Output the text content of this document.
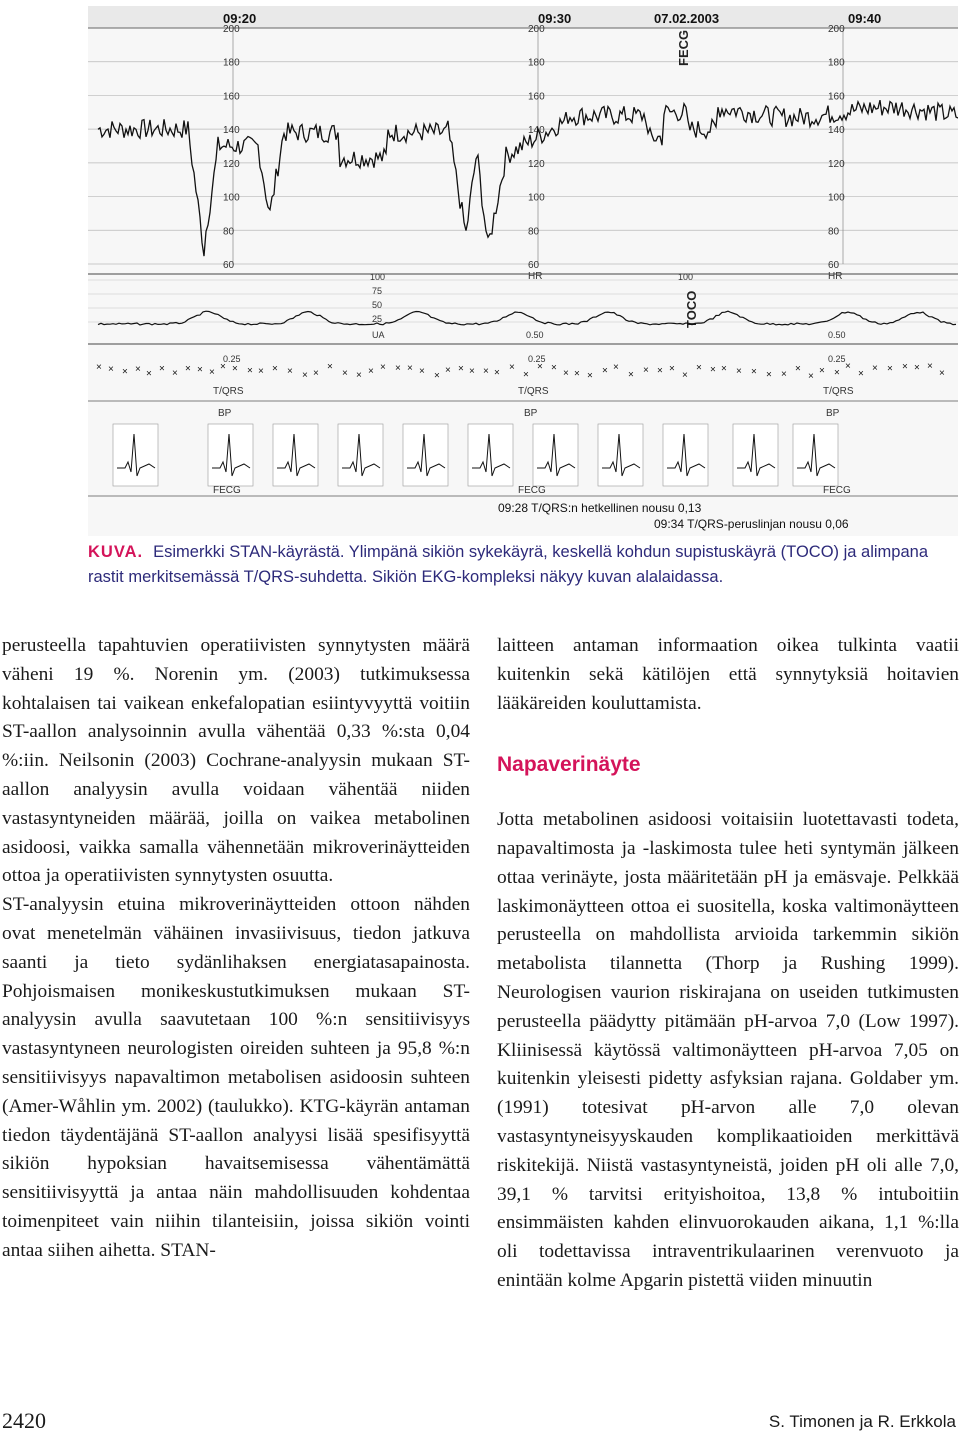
09:20	09:30	07.02.2003	09:40
200	200	200
180	180	180
160	160	160
140	140	140
120	120	120
100	100	100
80	80	80
60	60	60
FECG
HR	HR
100
75
50
25
UA
100
TOCO
0.50	0.50
0.25	0.25	0.25
× × × × × × × × × ×
× × × × × × × ×
×
× × × × × × × × × × × × × ×
×
× × × × × × ×
× × × ×
×
× × × × × × ×
×
× × ×
×
×
× × × × ×
×
T/QRS	T/QRS	T/QRS
BP	BP	BP
FECG	FECG	FECG
09:28 T/QRS:n hetkellinen nousu 0,13
09:34 T/QRS-peruslinjan nousu 0,06
KUVA. Esimerkki STAN-käyrästä. Ylimpänä sikiön sykekäyrä, keskellä kohdun supistuskäyrä (TOCO) ja alimpana rastit merkitsemässä T/QRS-suhdetta. Sikiön EKG-kompleksi näkyy kuvan alalaidassa.

perusteella tapahtuvien operatiivisten synnytysten määrä väheni 19 %. Norenin ym. (2003) tutkimuksessa kohtalaisen tai vaikean enkefalopatian esiintyvyyttä voitiin ST-aallon analysoinnin avulla vähentää 0,33 %:sta 0,04 %:iin. Neilsonin (2003) Cochrane-analyysin mukaan ST-aallon analyysin avulla voidaan vähentää niiden vastasyntyneiden määrää, joilla on vaikea metabolinen asidoosi, vaikka samalla vähennetään mikroverinäytteiden ottoa ja operatiivisten synnytysten osuutta.

ST-analyysin etuina mikroverinäytteiden ottoon nähden ovat menetelmän vähäinen invasiivisuus, tiedon jatkuva saanti ja tieto sydänlihaksen energiatasapainosta. Pohjoismaisen monikeskustutkimuksen mukaan ST-analyysin avulla saavutetaan 100 %:n sensitiivisyys vastasyntyneen neurologisten oireiden suhteen ja 95,8 %:n sensitiivisyys napavaltimon metabolisen asidoosin suhteen (Amer-Wåhlin ym. 2002) (taulukko). KTG-käyrän antaman tiedon täydentäjänä ST-aallon analyysi lisää spesifisyyttä sikiön hypoksian havaitsemisessa vähentämättä sensitiivisyyttä ja antaa näin mahdollisuuden kohdentaa toimenpiteet vain niihin tilanteisiin, joissa sikiön vointi antaa siihen aihetta. STAN-

laitteen antaman informaation oikea tulkinta vaatii kuitenkin sekä kätilöjen että synnytyksiä hoitavien lääkäreiden kouluttamista.

Napaverinäyte

Jotta metabolinen asidoosi voitaisiin luotettavasti todeta, napavaltimosta ja -laskimosta tulee heti syntymän jälkeen ottaa verinäyte, josta määritetään pH ja emäsvaje. Pelkkää laskimonäytteen ottoa ei suositella, koska valtimonäytteen perusteella on mahdollista arvioida tarkemmin sikiön metabolista tilannetta (Thorp ja Rushing 1999). Neurologisen vaurion riskirajana on useiden tutkimusten perusteella päädytty pitämään pH-arvoa 7,0 (Low 1997). Kliinisessä käytössä valtimonäytteen pH-arvoa 7,05 on kuitenkin yleisesti pidetty asfyksian rajana. Goldaber ym. (1991) totesivat pH-arvon alle 7,0 olevan vastasyntyneisyyskauden komplikaatioiden merkittävä riskitekijä. Niistä vastasyntyneistä, joiden pH oli alle 7,0, 39,1 % tarvitsi erityishoitoa, 13,8 % intuboitiin ensimmäisten kahden elinvuorokauden aikana, 1,1 %:lla oli todettavissa intraventrikulaarinen verenvuoto ja enintään kolme Apgarin pistettä viiden minuutin

2420	S. Timonen ja R. Erkkola
